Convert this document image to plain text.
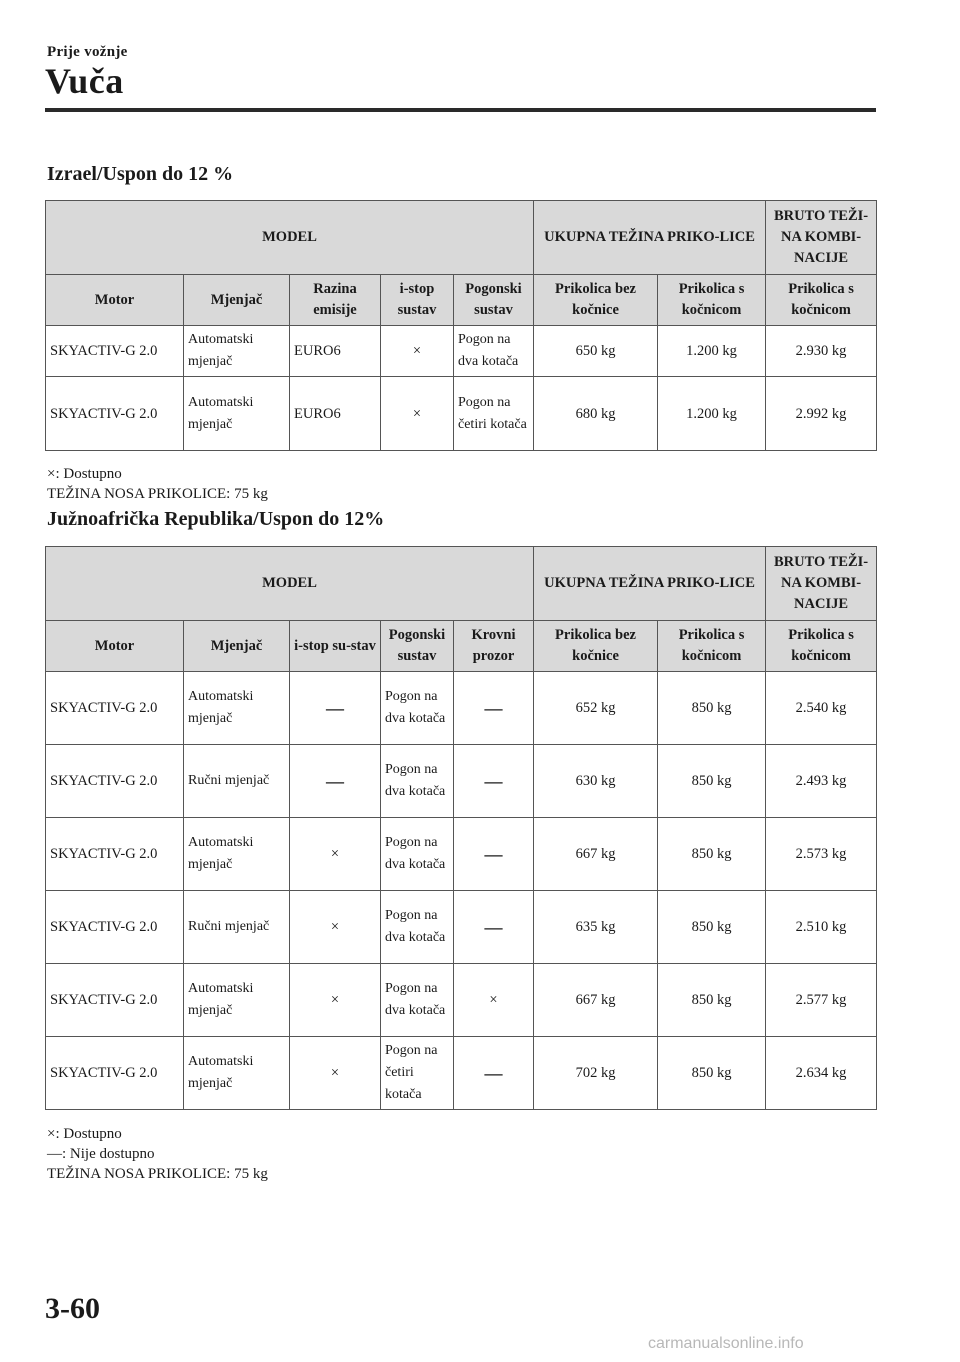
Prije vožnje
Vuča
Izrael/Uspon do 12 %
MODEL					UKUPNA TEŽINA PRIKO-LICE		BRUTO TEŽI-NA KOMBI-NACIJE
Motor	Mjenjač	Razina emisije	i-stop sustav	Pogonski sustav	Prikolica bez kočnice	Prikolica s kočnicom	Prikolica s kočnicom
SKYACTIV-G 2.0	Automatski mjenjač	EURO6	×	Pogon na dva kotača	650 kg	1.200 kg	2.930 kg
SKYACTIV-G 2.0	Automatski mjenjač	EURO6	×	Pogon na četiri kotača	680 kg	1.200 kg	2.992 kg
×: Dostupno
TEŽINA NOSA PRIKOLICE: 75 kg
Južnoafrička Republika/Uspon do 12%
MODEL					UKUPNA TEŽINA PRIKO-LICE		BRUTO TEŽI-NA KOMBI-NACIJE
Motor	Mjenjač	i-stop su-stav	Pogonski sustav	Krovni prozor	Prikolica bez kočnice	Prikolica s kočnicom	Prikolica s kočnicom
SKYACTIV-G 2.0	Automatski mjenjač	—	Pogon na dva kotača	—	652 kg	850 kg	2.540 kg
SKYACTIV-G 2.0	Ručni mjenjač	—	Pogon na dva kotača	—	630 kg	850 kg	2.493 kg
SKYACTIV-G 2.0	Automatski mjenjač	×	Pogon na dva kotača	—	667 kg	850 kg	2.573 kg
SKYACTIV-G 2.0	Ručni mjenjač	×	Pogon na dva kotača	—	635 kg	850 kg	2.510 kg
SKYACTIV-G 2.0	Automatski mjenjač	×	Pogon na dva kotača	×	667 kg	850 kg	2.577 kg
SKYACTIV-G 2.0	Automatski mjenjač	×	Pogon na četiri kotača	—	702 kg	850 kg	2.634 kg
×: Dostupno
—: Nije dostupno
TEŽINA NOSA PRIKOLICE: 75 kg
3-60
carmanualsonline.info
